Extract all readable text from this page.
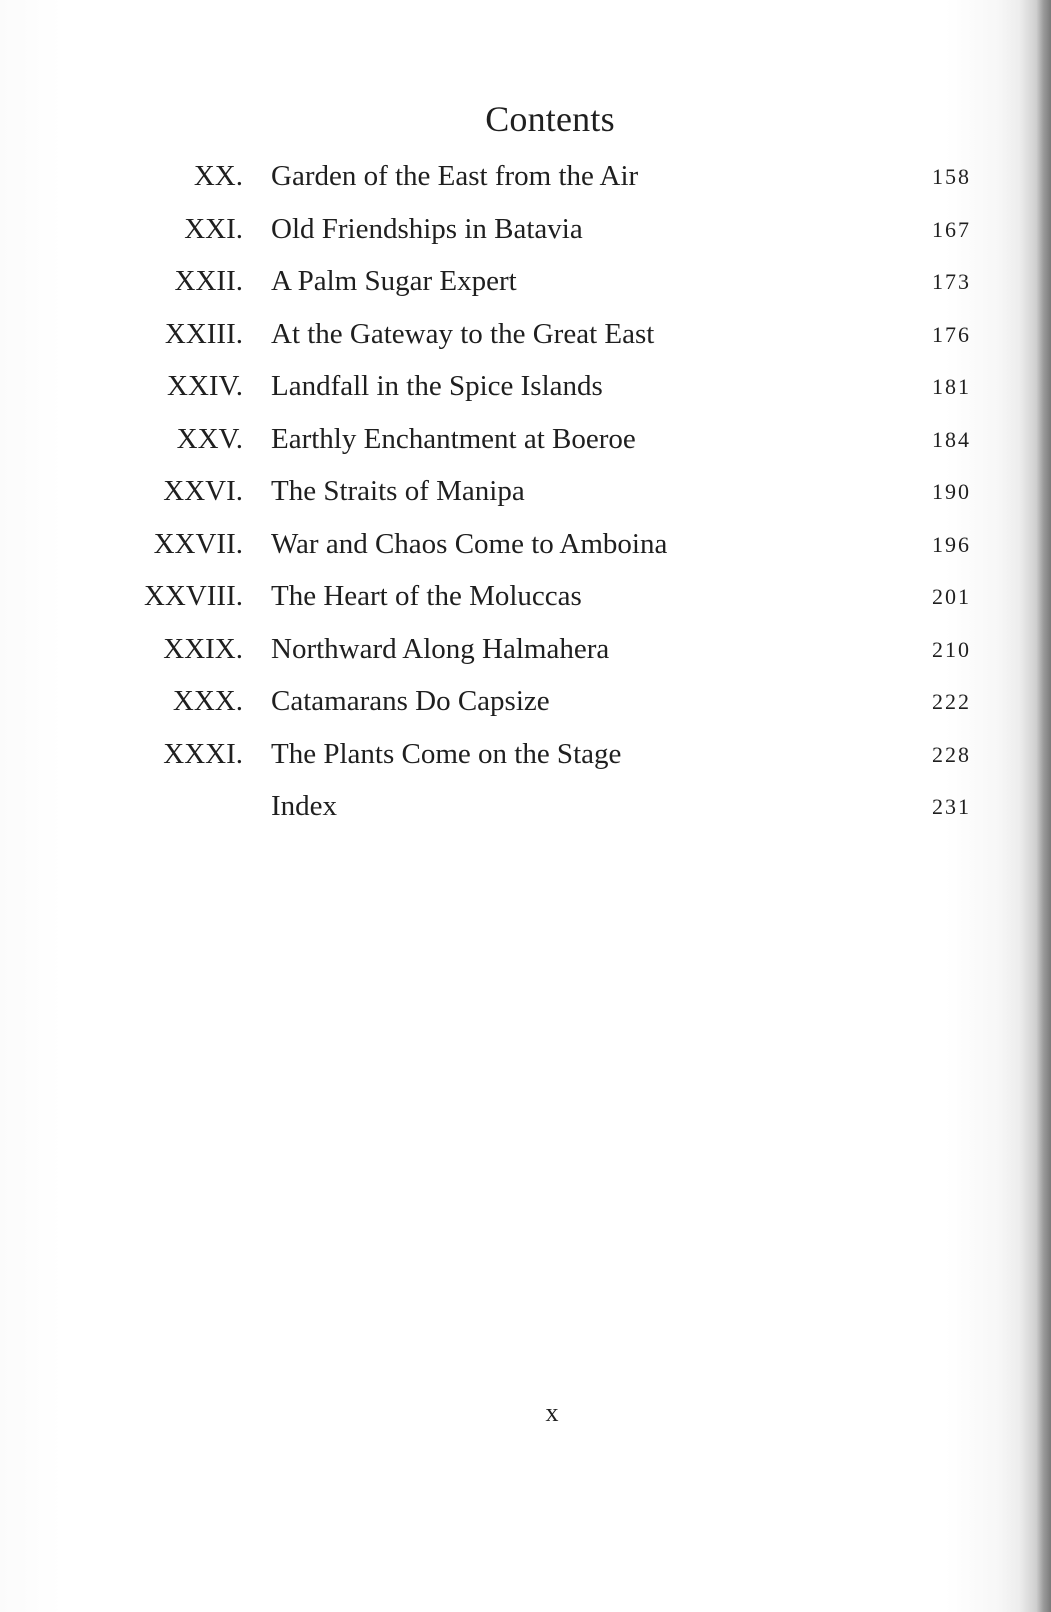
Contents
XX. Garden of the East from the Air	158
XXI. Old Friendships in Batavia	167
XXII. A Palm Sugar Expert	173
XXIII. At the Gateway to the Great East	176
XXIV. Landfall in the Spice Islands	181
XXV. Earthly Enchantment at Boeroe	184
XXVI. The Straits of Manipa	190
XXVII. War and Chaos Come to Amboina	196
XXVIII. The Heart of the Moluccas	201
XXIX. Northward Along Halmahera	210
XXX. Catamarans Do Capsize	222
XXXI. The Plants Come on the Stage	228
Index	231
x
